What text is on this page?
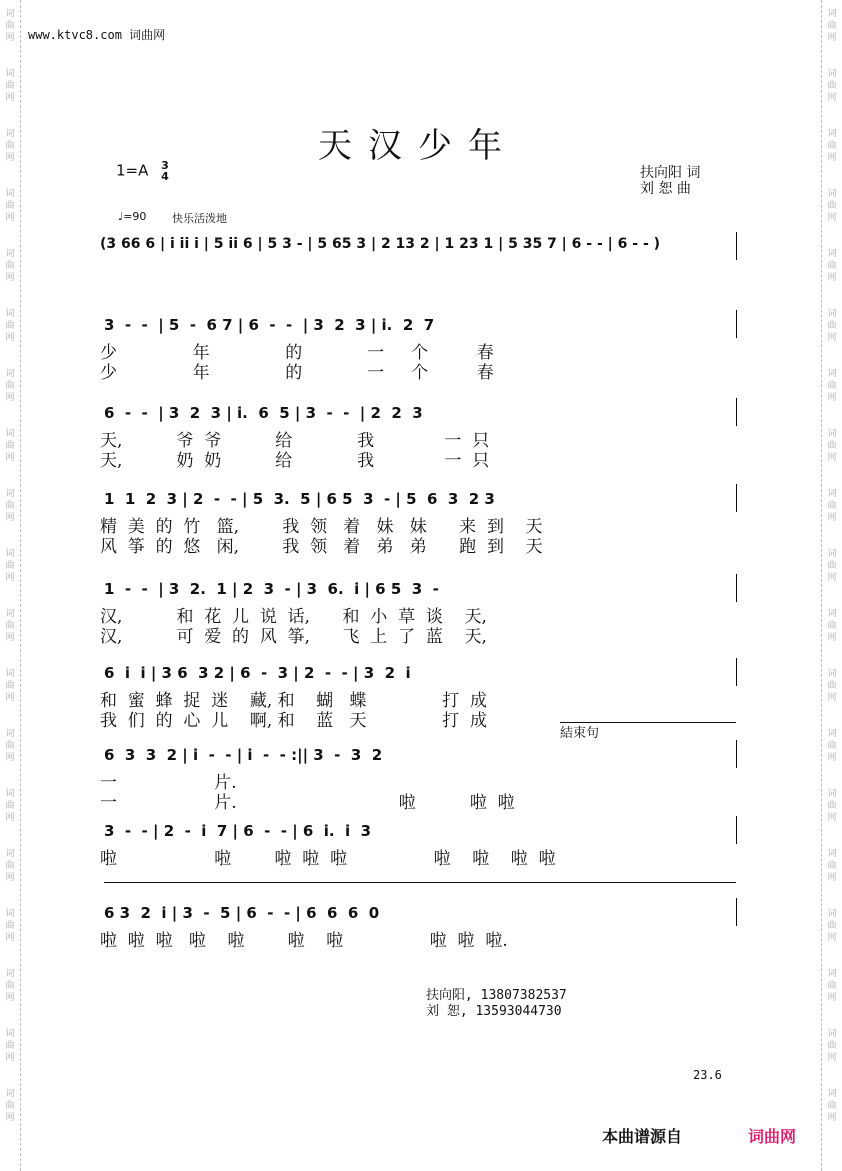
词
曲
网
词
曲
网
词
曲
网
词
曲
网
词
曲
网
词
曲
网
词
曲
网
词
曲
网
词
曲
网
词
曲
网
词
曲
网
词
曲
网
词
曲
网
词
曲
网
词
曲
网
词
曲
网
词
曲
网
词
曲
网
词
曲
网
词
曲
网
词
曲
网
词
曲
网
词
曲
网
词
曲
网
词
曲
网
词
曲
网
词
曲
网
词
曲
网
词
曲
网
词
曲
网
词
曲
网
词
曲
网
词
曲
网
词
曲
网
词
曲
网
词
曲
网
词
曲
网
词
曲
网
www.ktvc8.com 词曲网
天汉少年
1=A 3
4	扶向阳 词
刘 恕 曲
♩=90 快乐活泼地
(3 66 6 | i ii i | 5 ii 6 | 5 3 - | 5 65 3 | 2 13 2 | 1 23 1 | 5 35 7 | 6 - - | 6 - - )
3  -  -  | 5  -  6 7 | 6  -  -  | 3  2  3 | i.  2  7
少              年              的            一     个         春
少              年              的            一     个         春
6  -  -  | 3  2  3 | i.  6  5 | 3  -  -  | 2  2  3
天,          爷  爷          给            我             一  只
天,          奶  奶          给            我             一  只
1  1  2  3 | 2  -  - | 5  3.  5 | 6 5  3  - | 5  6  3  2 3
精  美  的  竹   篮,        我  领   着   妹   妹      来  到    天
风  筝  的  悠   闲,        我  领   着   弟   弟      跑  到    天
1  -  -  | 3  2.  1 | 2  3  - | 3  6.  i | 6 5  3  -
汉,          和  花  儿  说  话,      和  小  草  谈    天,
汉,          可  爱  的  风  筝,      飞  上  了  蓝    天,
6  i  i | 3 6  3 2 | 6  -  3 | 2  -  - | 3  2  i
和  蜜  蜂  捉  迷    藏, 和    蝴   蝶              打  成
我  们  的  心  儿    啊, 和    蓝   天              打  成
結束句
6  3  3  2 | i  -  - | i  -  - :|| 3  -  3  2
一                  片.
一                  片.                              啦          啦  啦
3  -  - | 2  -  i  7 | 6  -  - | 6  i.  i  3
啦                  啦        啦  啦  啦                啦    啦    啦  啦
6 3  2  i | 3  -  5 | 6  -  - | 6  6  6  0
啦  啦  啦   啦    啦        啦    啦                啦  啦  啦.
扶向阳, 13807382537
刘 恕, 13593044730
23.6
本曲谱源自	词曲网
